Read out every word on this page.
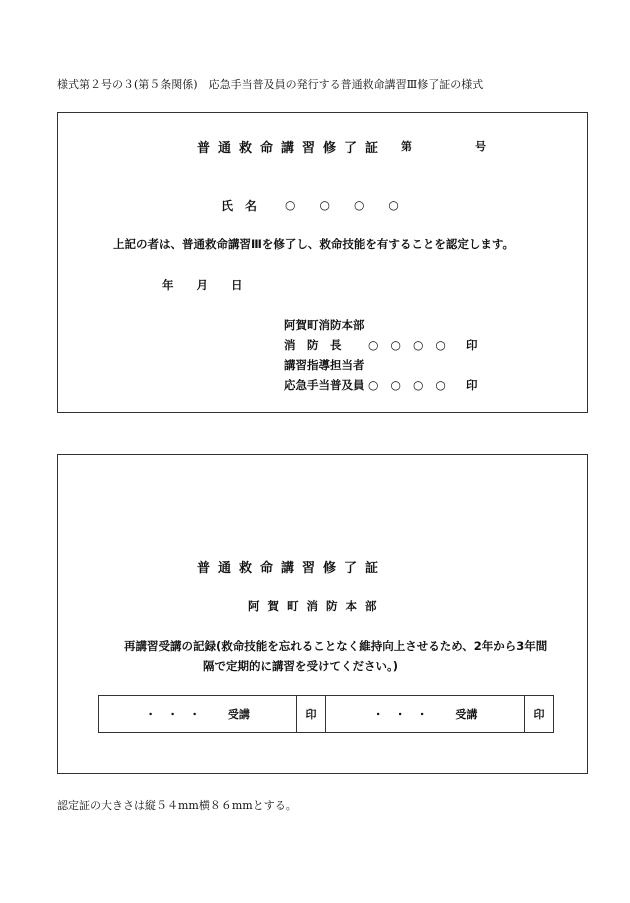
様式第２号の３(第５条関係)　応急手当普及員の発行する普通救命講習Ⅲ修了証の様式
普通救命講習修了証 第	号
氏　名 ○　　○　　○　　○
上記の者は、普通救命講習Ⅲを修了し、救命技能を有することを認定します。
年　　月　　日
阿賀町消防本部
消　防　長 ○　○　○　○ 印
講習指導担当者
応急手当普及員 ○　○　○　○ 印
普通救命講習修了証
阿賀町消防本部
再講習受講の記録(救命技能を忘れることなく維持向上させるため、2年から3年間
隔で定期的に講習を受けてください。)
・　・　・	受講	印	・　・　・	受講	印
認定証の大きさは縦５４mm横８６mmとする。
